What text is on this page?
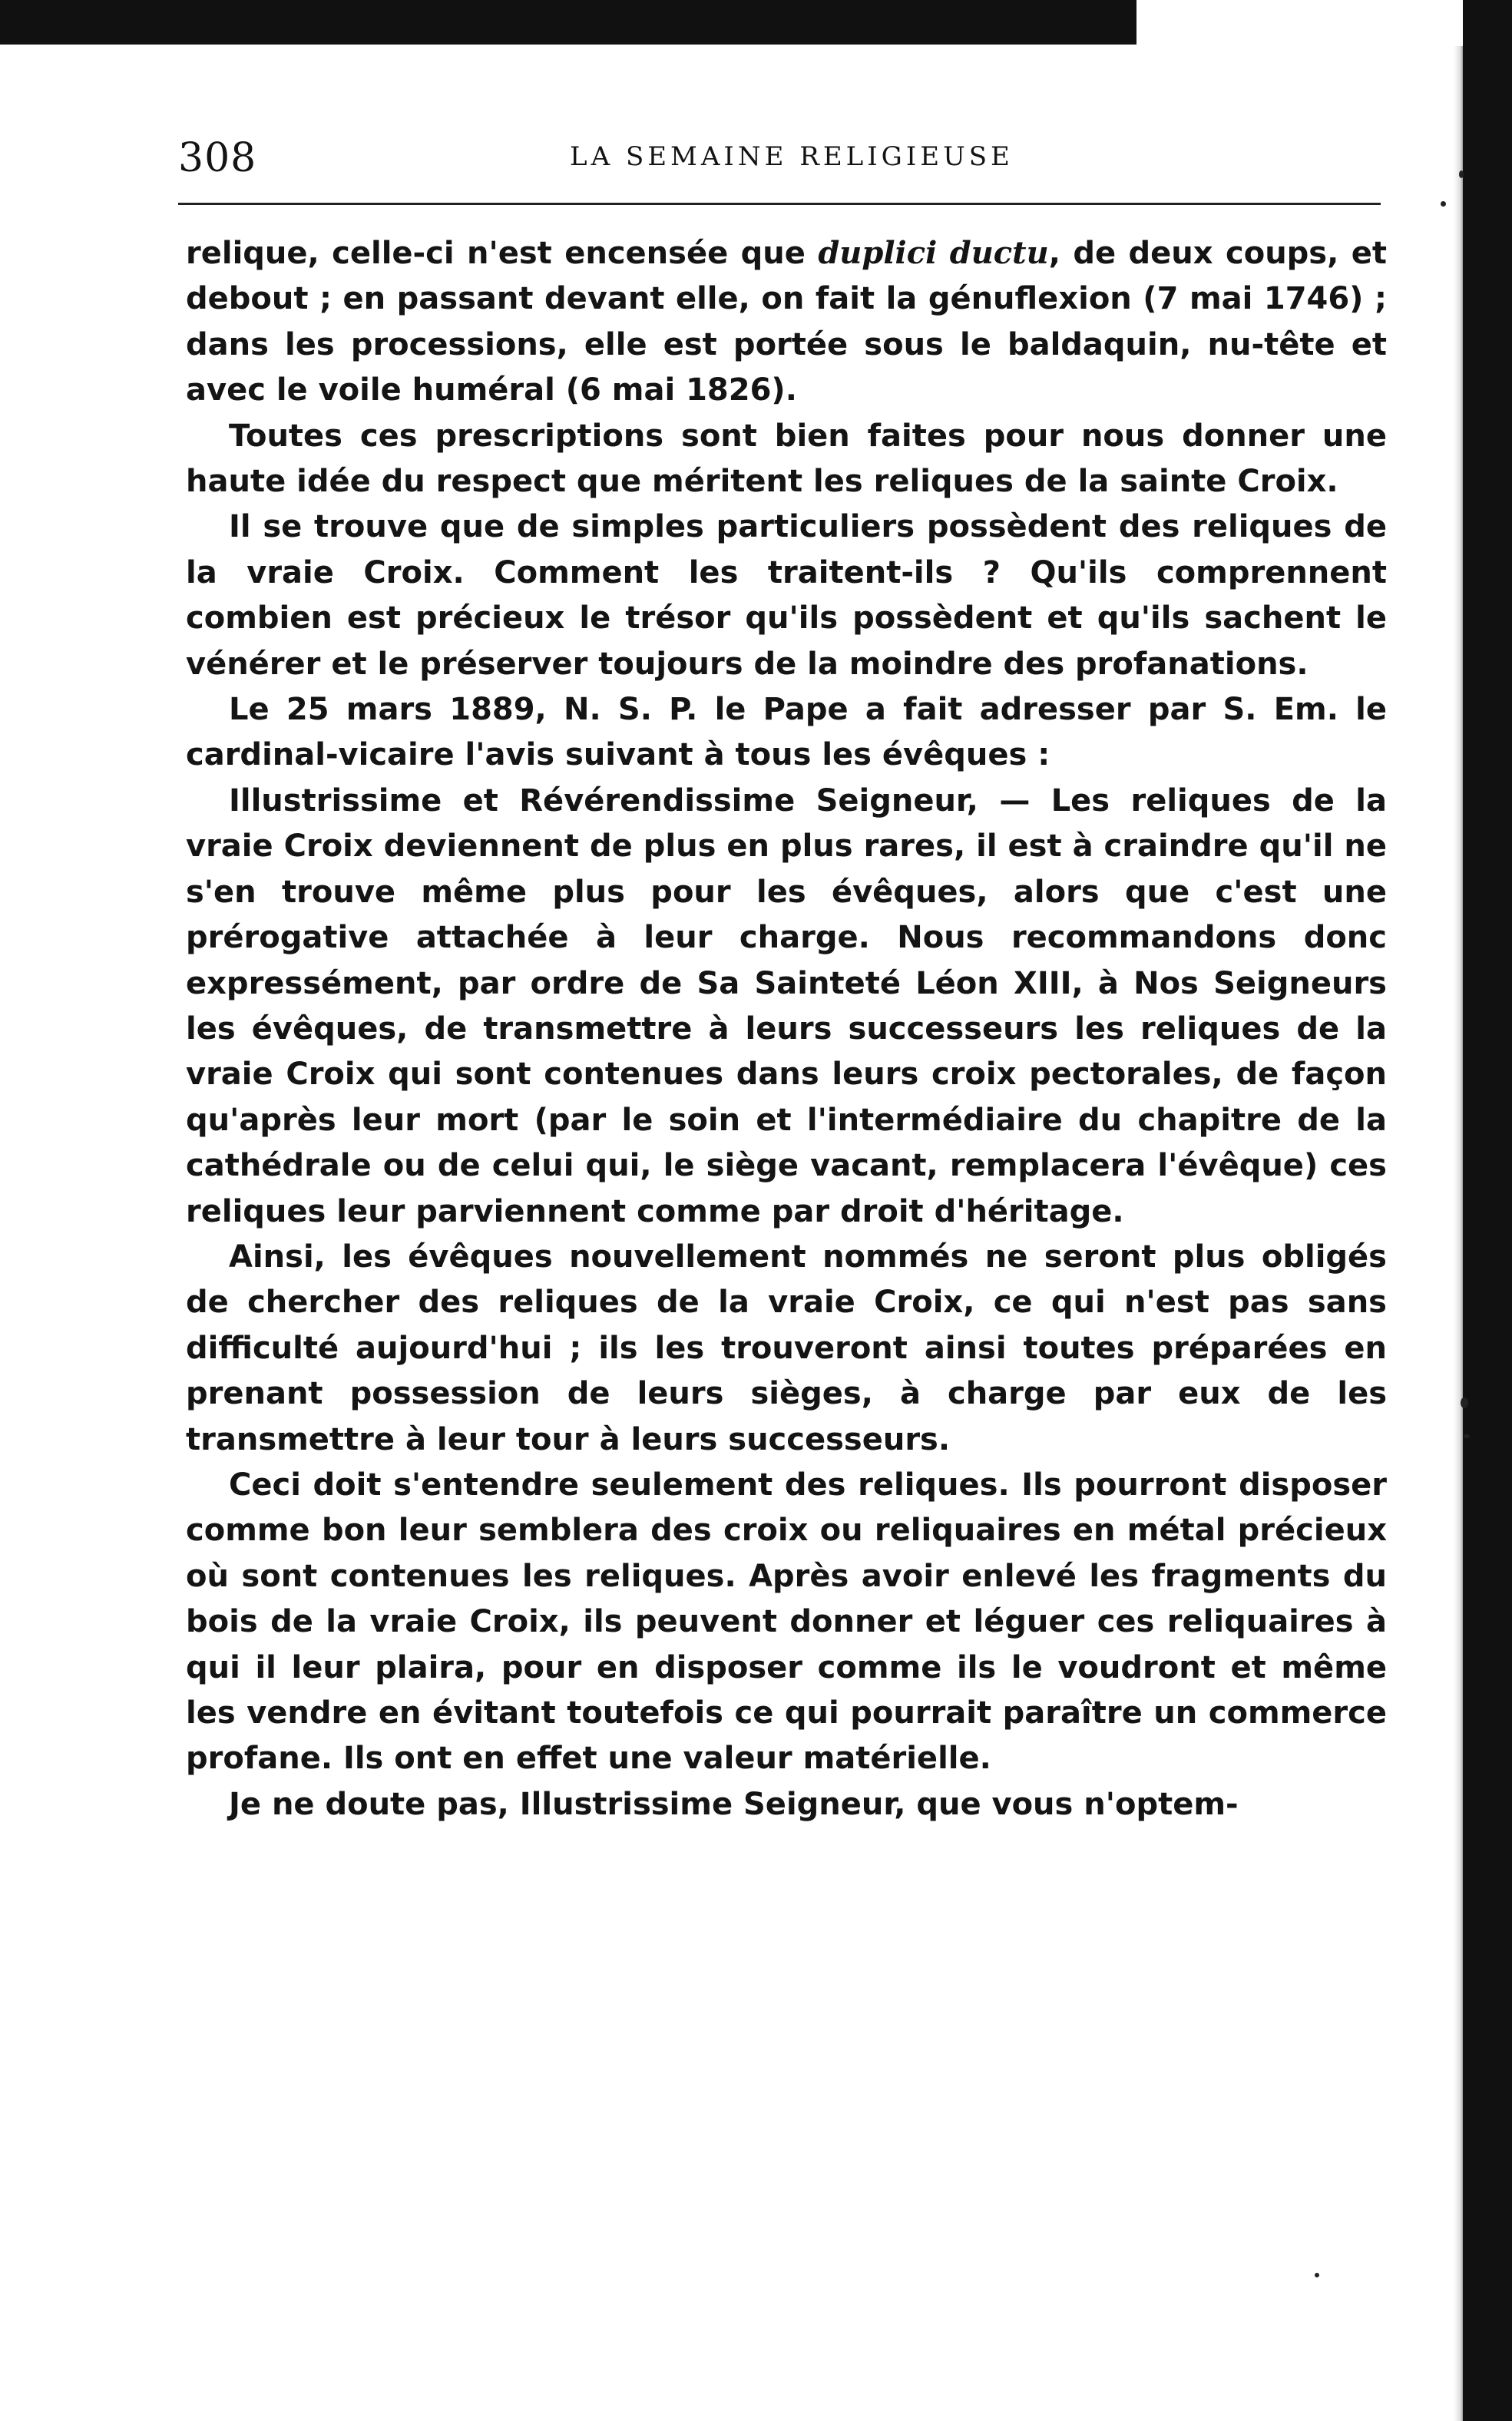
308	LA SEMAINE RELIGIEUSE

relique, celle-ci n'est encensée que duplici ductu, de deux coups, et debout ; en passant devant elle, on fait la génuflexion (7 mai 1746) ; dans les processions, elle est portée sous le baldaquin, nu-tête et avec le voile huméral (6 mai 1826).

Toutes ces prescriptions sont bien faites pour nous donner une haute idée du respect que méritent les reliques de la sainte Croix.

Il se trouve que de simples particuliers possèdent des reliques de la vraie Croix. Comment les traitent-ils ? Qu'ils comprennent combien est précieux le trésor qu'ils possèdent et qu'ils sachent le vénérer et le préserver toujours de la moindre des profanations.

Le 25 mars 1889, N. S. P. le Pape a fait adresser par S. Em. le cardinal-vicaire l'avis suivant à tous les évêques :

Illustrissime et Révérendissime Seigneur, — Les reliques de la vraie Croix deviennent de plus en plus rares, il est à craindre qu'il ne s'en trouve même plus pour les évêques, alors que c'est une prérogative attachée à leur charge. Nous recommandons donc expressément, par ordre de Sa Sainteté Léon XIII, à Nos Seigneurs les évêques, de transmettre à leurs successeurs les reliques de la vraie Croix qui sont contenues dans leurs croix pectorales, de façon qu'après leur mort (par le soin et l'intermédiaire du chapitre de la cathédrale ou de celui qui, le siège vacant, remplacera l'évêque) ces reliques leur parviennent comme par droit d'héritage.

Ainsi, les évêques nouvellement nommés ne seront plus obligés de chercher des reliques de la vraie Croix, ce qui n'est pas sans difficulté aujourd'hui ; ils les trouveront ainsi toutes préparées en prenant possession de leurs sièges, à charge par eux de les transmettre à leur tour à leurs successeurs.

Ceci doit s'entendre seulement des reliques. Ils pourront disposer comme bon leur semblera des croix ou reliquaires en métal précieux où sont contenues les reliques. Après avoir enlevé les fragments du bois de la vraie Croix, ils peuvent donner et léguer ces reliquaires à qui il leur plaira, pour en disposer comme ils le voudront et même les vendre en évitant toutefois ce qui pourrait paraître un commerce profane. Ils ont en effet une valeur matérielle.

Je ne doute pas, Illustrissime Seigneur, que vous n'optem-
